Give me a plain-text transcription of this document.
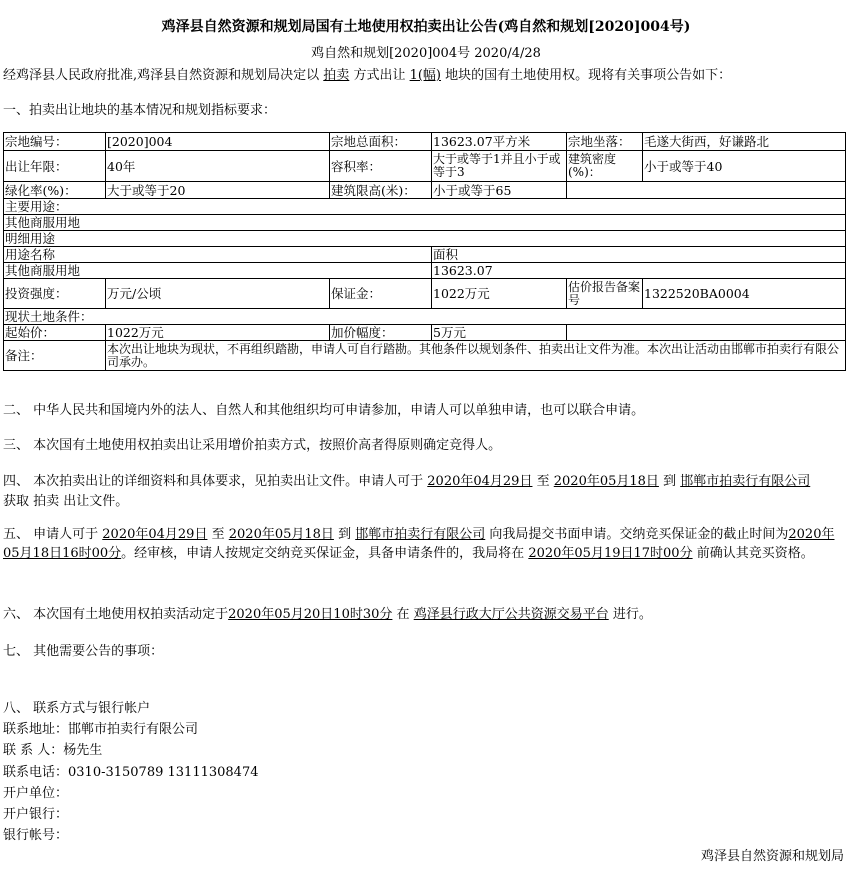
鸡泽县自然资源和规划局国有土地使用权拍卖出让公告(鸡自然和规划[2020]004号)
鸡自然和规划[2020]004号 2020/4/28
经鸡泽县人民政府批准,鸡泽县自然资源和规划局决定以 拍卖 方式出让 1(幅) 地块的国有土地使用权。现将有关事项公告如下：
一、拍卖出让地块的基本情况和规划指标要求：
宗地编号：	[2020]004	宗地总面积：	13623.07平方米	宗地坐落：	毛遂大街西，好谦路北
出让年限：	40年	容积率：	大于或等于1并且小于或等于3	建筑密度(%)：	小于或等于40
绿化率(%)：	大于或等于20	建筑限高(米)：	小于或等于65		
主要用途：					
其他商服用地					
明细用途					
用途名称			面积		
其他商服用地			13623.07		
投资强度：	万元/公顷	保证金：	1022万元	估价报告备案号	1322520BA0004
现状土地条件：					
起始价：	1022万元	加价幅度：	5万元		
备注：	本次出让地块为现状，不再组织踏勘，申请人可自行踏勘。其他条件以规划条件、拍卖出让文件为准。本次出让活动由邯郸市拍卖行有限公司承办。				
二、 中华人民共和国境内外的法人、自然人和其他组织均可申请参加，申请人可以单独申请，也可以联合申请。
三、 本次国有土地使用权拍卖出让采用增价拍卖方式，按照价高者得原则确定竞得人。
四、 本次拍卖出让的详细资料和具体要求，见拍卖出让文件。申请人可于 2020年04月29日 至 2020年05月18日 到 邯郸市拍卖行有限公司
获取 拍卖 出让文件。
五、 申请人可于 2020年04月29日 至 2020年05月18日 到 邯郸市拍卖行有限公司 向我局提交书面申请。交纳竞买保证金的截止时间为2020年05月18日16时00分。经审核，申请人按规定交纳竞买保证金，具备申请条件的，我局将在 2020年05月19日17时00分 前确认其竞买资格。
六、 本次国有土地使用权拍卖活动定于2020年05月20日10时30分 在 鸡泽县行政大厅公共资源交易平台 进行。
七、 其他需要公告的事项：
八、 联系方式与银行帐户
联系地址：邯郸市拍卖行有限公司
联 系 人：杨先生
联系电话：0310-3150789 13111308474
开户单位：
开户银行：
银行帐号：
鸡泽县自然资源和规划局
